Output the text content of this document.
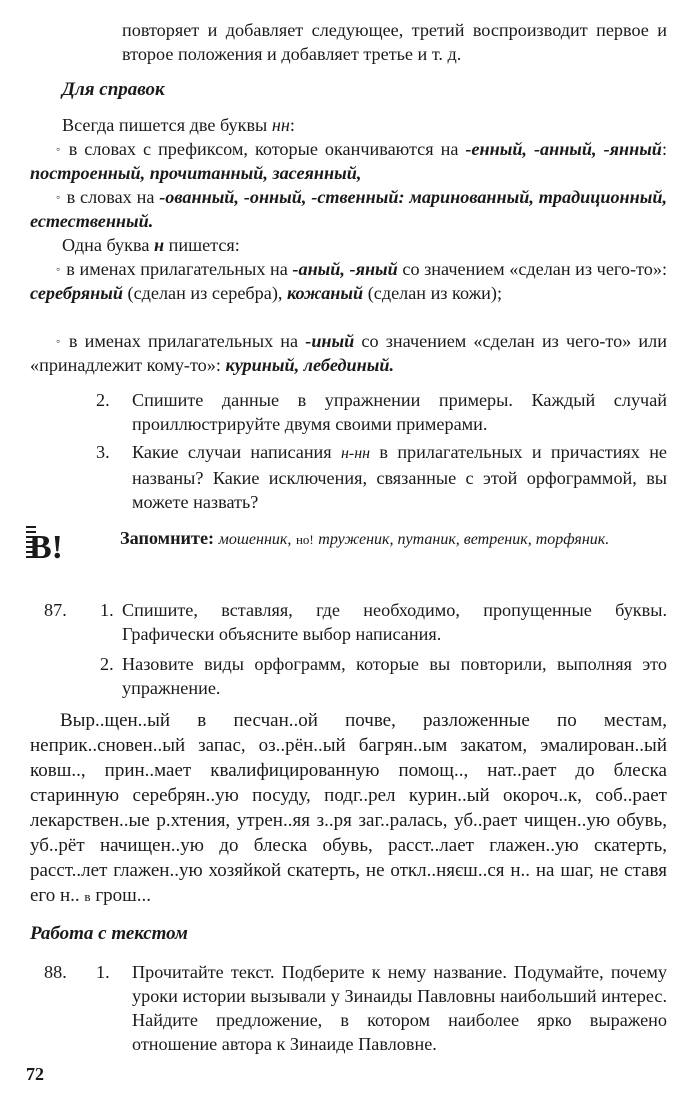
повторяет и добавляет следующее, третий воспроизводит первое и второе положения и добавляет третье и т. д.

Для справок

Всегда пишется две буквы нн:

◦ в словах с префиксом, которые оканчиваются на -енный, -анный, -янный: построенный, прочитанный, засеянный,

◦ в словах на -ованный, -онный, -ственный: маринованный, традиционный, естественный.

Одна буква н пишется:

◦ в именах прилагательных на -аный, -яный со значением «сделан из чего-то»: серебряный (сделан из серебра), кожаный (сделан из кожи);

◦ в именах прилагательных на -иный со значением «сделан из чего-то» или «принадлежит кому-то»: куриный, лебединый.

2.	Спишите данные в упражнении примеры. Каждый случай проиллюстрируйте двумя своими примерами.

3.	Какие случаи написания н-нн в прилагательных и причастиях не названы? Какие исключения, связанные с этой орфограммой, вы можете назвать?

В!	Запомните: мошенник, но! труженик, путаник, ветреник, торфяник.

87.	1. Спишите, вставляя, где необходимо, пропущенные буквы. Графически объясните выбор написания.

2. Назовите виды орфограмм, которые вы повторили, выполняя это упражнение.

Выр..щен..ый в песчан..ой почве, разложенные по местам, неприк..сновен..ый запас, оз..рён..ый багрян..ым закатом, эмалирован..ый ковш.., прин..мает квалифицированную помощ.., нат..рает до блеска старинную серебрян..ую посуду, подг..рел курин..ый окороч..к, соб..рает лекарствен..ые р.хтения, утрен..яя з..ря заг..ралась, уб..рает чищен..ую обувь, уб..рёт начищен..ую до блеска обувь, расст..лает глажен..ую скатерть, расст..лет глажен..ую хозяйкой скатерть, не откл..няєш..ся н.. на шаг, не ставя его н.. в грош...

Работа с текстом
88.	1.	Прочитайте текст. Подберите к нему название. Подумайте, почему уроки истории вызывали у Зинаиды Павловны наибольший интерес. Найдите предложение, в котором наиболее ярко выражено отношение автора к Зинаиде Павловне.

72
